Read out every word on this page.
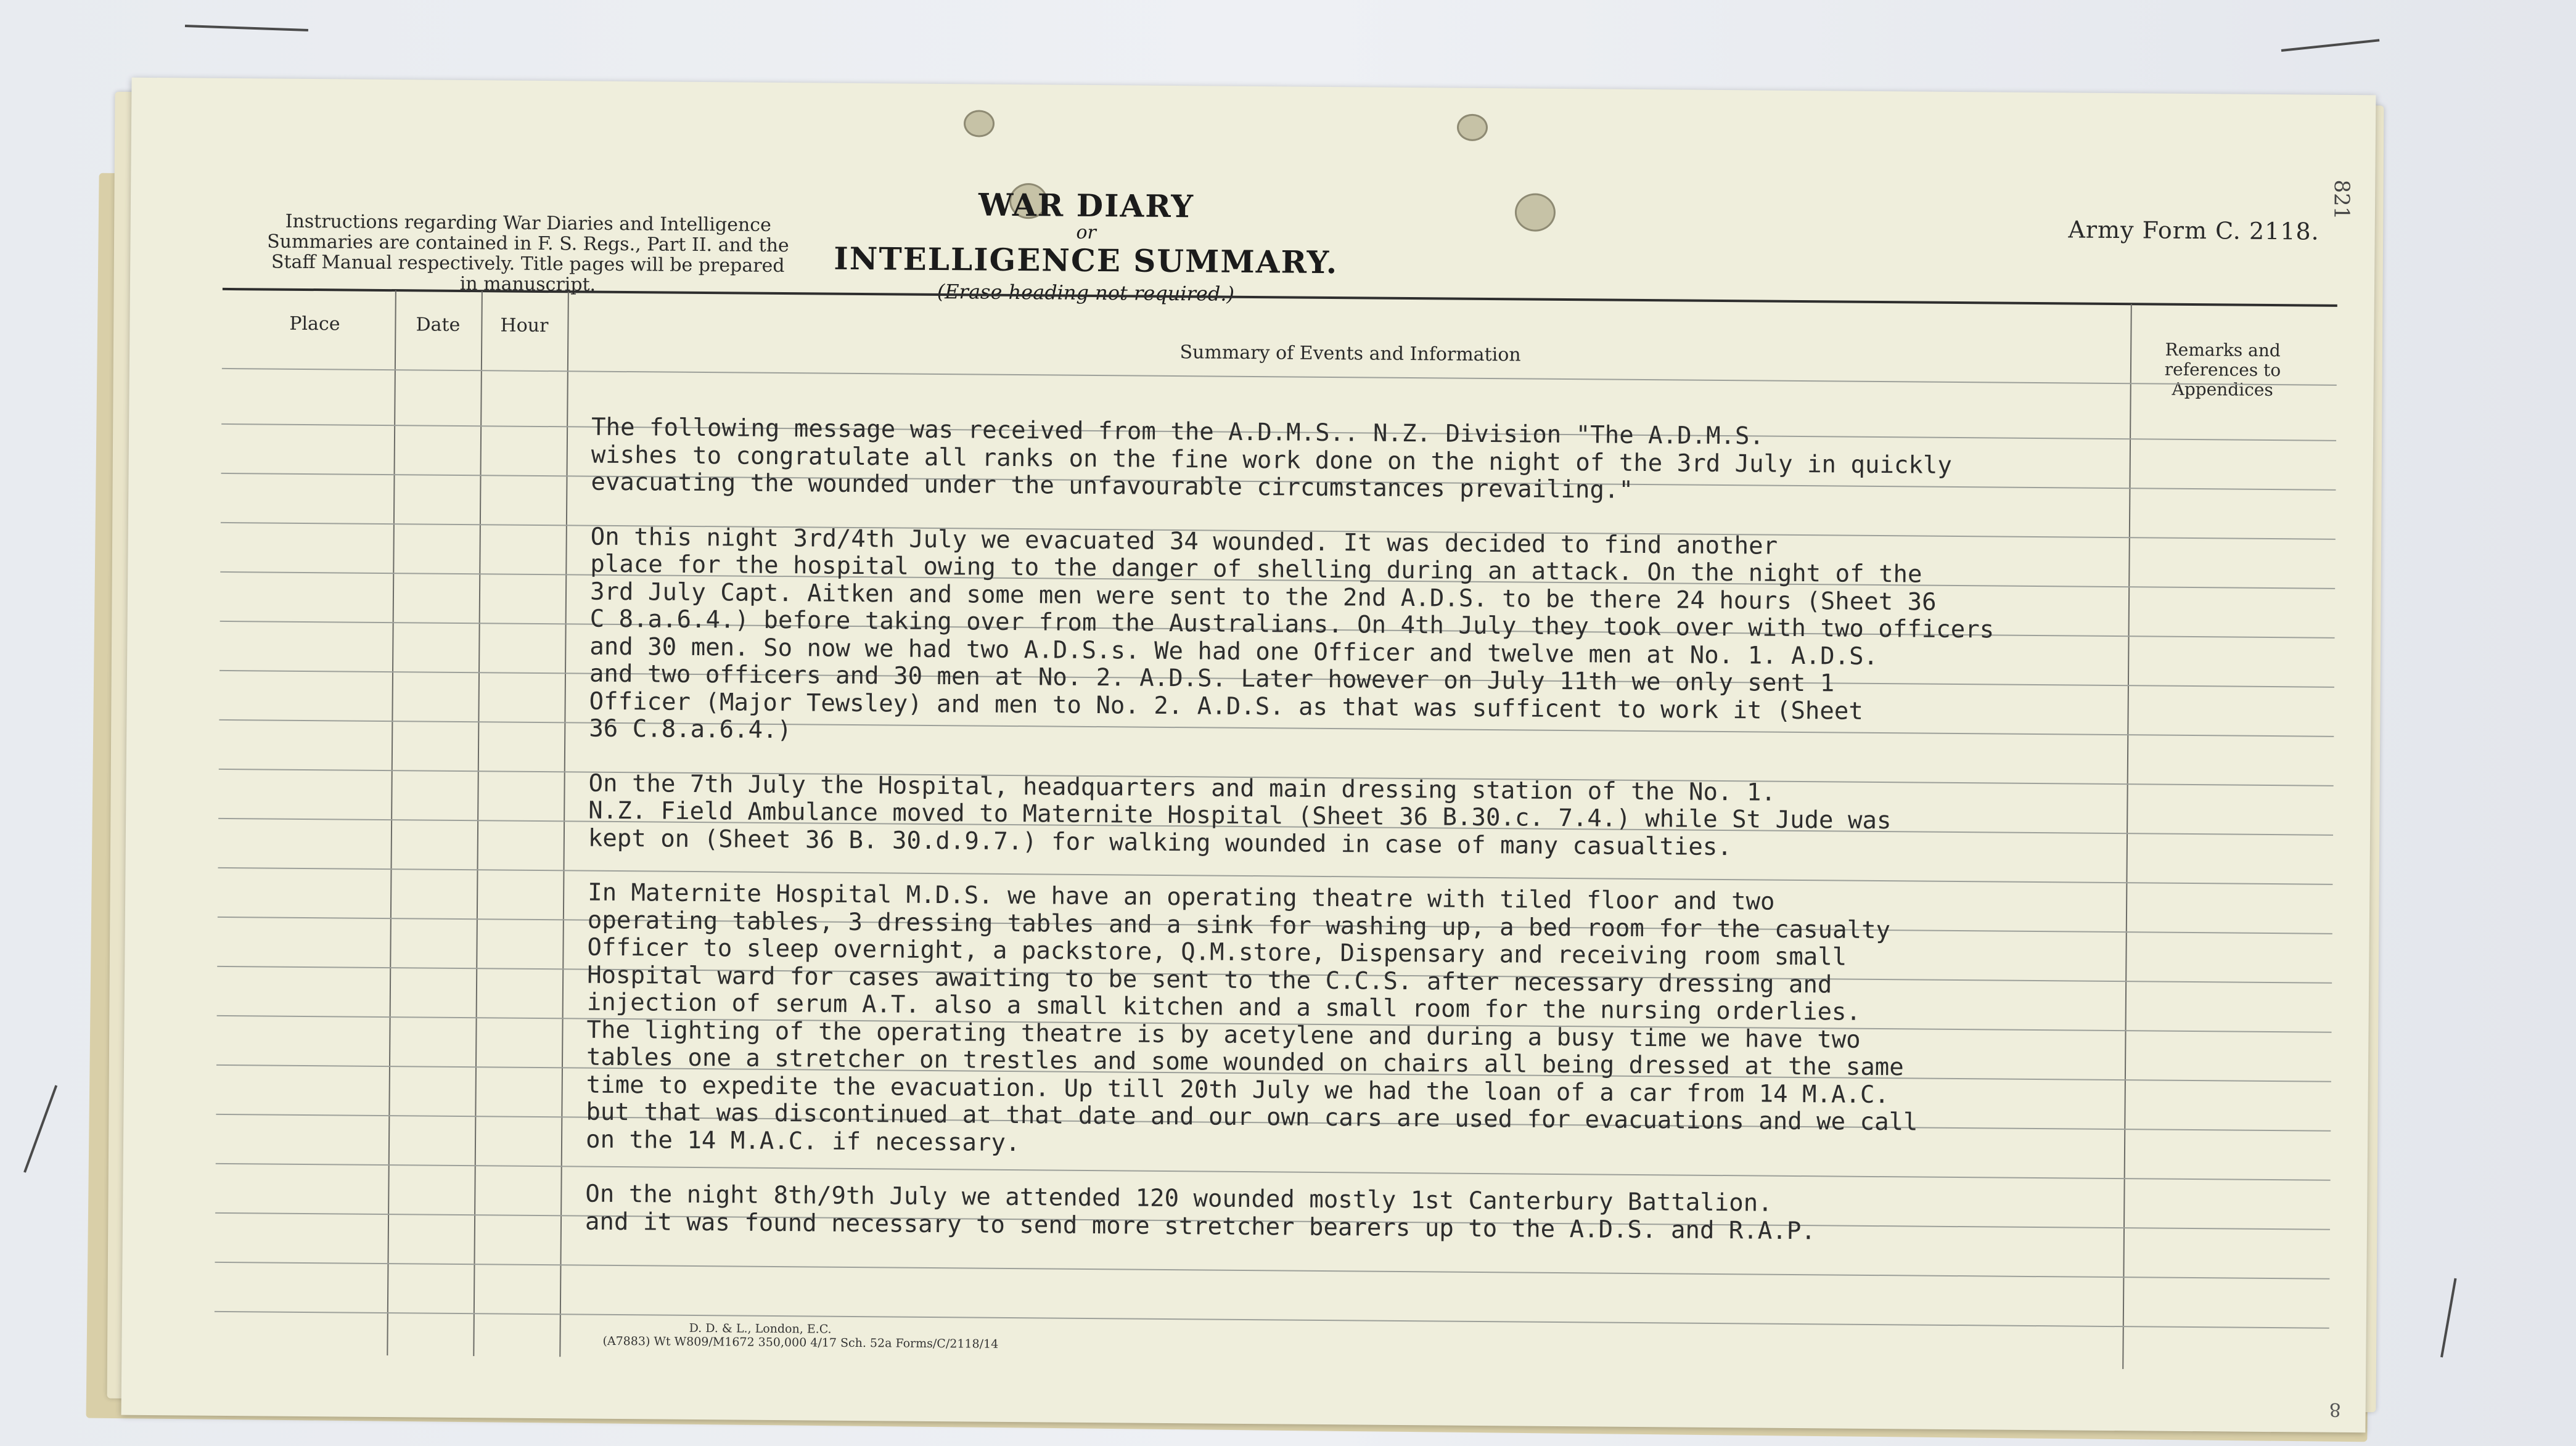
Instructions regarding War Diaries and Intelligence Summaries are contained in F. S. Regs., Part II. and the Staff Manual respectively. Title pages will be prepared in manuscript.
WAR DIARY
or
INTELLIGENCE SUMMARY.
(Erase heading not required.)
Army Form C. 2118.
821
Place	Date	Hour
Summary of Events and Information	Remarks and references to Appendices

The following message was received from the A.D.M.S.. N.Z. Division "The A.D.M.S.
wishes to congratulate all ranks on the fine work done on the night of the 3rd July in quickly
evacuating the wounded under the unfavourable circumstances prevailing."

On this night 3rd/4th July we evacuated 34 wounded. It was decided to find another
place for the hospital owing to the danger of shelling during an attack. On the night of the
3rd July Capt. Aitken and some men were sent to the 2nd A.D.S. to be there 24 hours (Sheet 36
C 8.a.6.4.) before taking over from the Australians. On 4th July they took over with two officers
and 30 men. So now we had two A.D.S.s. We had one Officer and twelve men at No. 1. A.D.S.
and two officers and 30 men at No. 2. A.D.S. Later however on July 11th we only sent 1
Officer (Major Tewsley) and men to No. 2. A.D.S. as that was sufficent to work it (Sheet
36 C.8.a.6.4.)

On the 7th July the Hospital, headquarters and main dressing station of the No. 1.
N.Z. Field Ambulance moved to Maternite Hospital (Sheet 36 B.30.c. 7.4.) while St Jude was
kept on (Sheet 36 B. 30.d.9.7.) for walking wounded in case of many casualties.

In Maternite Hospital M.D.S. we have an operating theatre with tiled floor and two
operating tables, 3 dressing tables and a sink for washing up, a bed room for the casualty
Officer to sleep overnight, a packstore, Q.M.store, Dispensary and receiving room small
Hospital ward for cases awaiting to be sent to the C.C.S. after necessary dressing and
injection of serum A.T. also a small kitchen and a small room for the nursing orderlies.
The lighting of the operating theatre is by acetylene and during a busy time we have two
tables one a stretcher on trestles and some wounded on chairs all being dressed at the same
time to expedite the evacuation. Up till 20th July we had the loan of a car from 14 M.A.C.
but that was discontinued at that date and our own cars are used for evacuations and we call
on the 14 M.A.C. if necessary.

On the night 8th/9th July we attended 120 wounded mostly 1st Canterbury Battalion.
and it was found necessary to send more stretcher bearers up to the A.D.S. and R.A.P.

D. D. & L., London, E.C.
(A7883) Wt W809/M1672 350,000 4/17 Sch. 52a Forms/C/2118/14
8
